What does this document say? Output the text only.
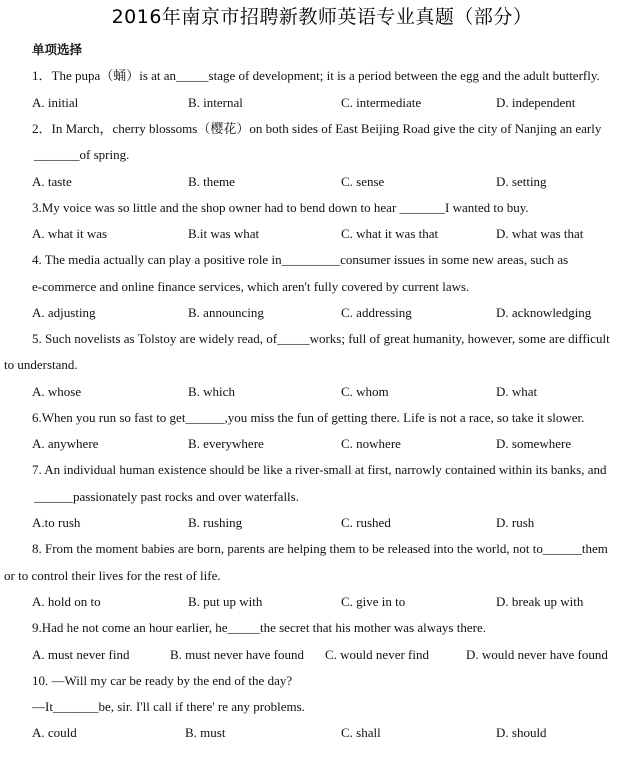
2016年南京市招聘新教师英语专业真题（部分）
单项选择
1．The pupa（蛹）is at an_____stage of development; it is a period between the egg and the adult butterfly.
A. initial	B. internal	C. intermediate	D. independent
2．In March，cherry blossoms（樱花）on both sides of East Beijing Road give the city of Nanjing an early
_______of spring.
A. taste	B. theme	C. sense	D. setting
3.My voice was so little and the shop owner had to bend down to hear _______I wanted to buy.
A. what it was	B.it was what	C. what it was that	D. what was that
4. The media actually can play a positive role in_________consumer issues in some new areas, such as
e-commerce and online finance services, which aren't fully covered by current laws.
A. adjusting	B. announcing	C. addressing	D. acknowledging
5. Such novelists as Tolstoy are widely read, of_____works; full of great humanity, however, some are difficult
to understand.
A. whose	B. which	C. whom	D. what
6.When you run so fast to get______,you miss the fun of getting there. Life is not a race, so take it slower.
A. anywhere	B. everywhere	C. nowhere	D. somewhere
7. An individual human existence should be like a river-small at first, narrowly contained within its banks, and
______passionately past rocks and over waterfalls.
A.to rush	B. rushing	C. rushed	D. rush
8. From the moment babies are born, parents are helping them to be released into the world, not to______them
or to control their lives for the rest of life.
A. hold on to	B. put up with	C. give in to	D. break up with
9.Had he not come an hour earlier, he_____the secret that his mother was always there.
A. must never find	B. must never have found C. would never find	D. would never have found
10. —Will my car be ready by the end of the day?
—It_______be, sir. I'll call if there' re any problems.
A. could	B. must	C. shall	D. should
